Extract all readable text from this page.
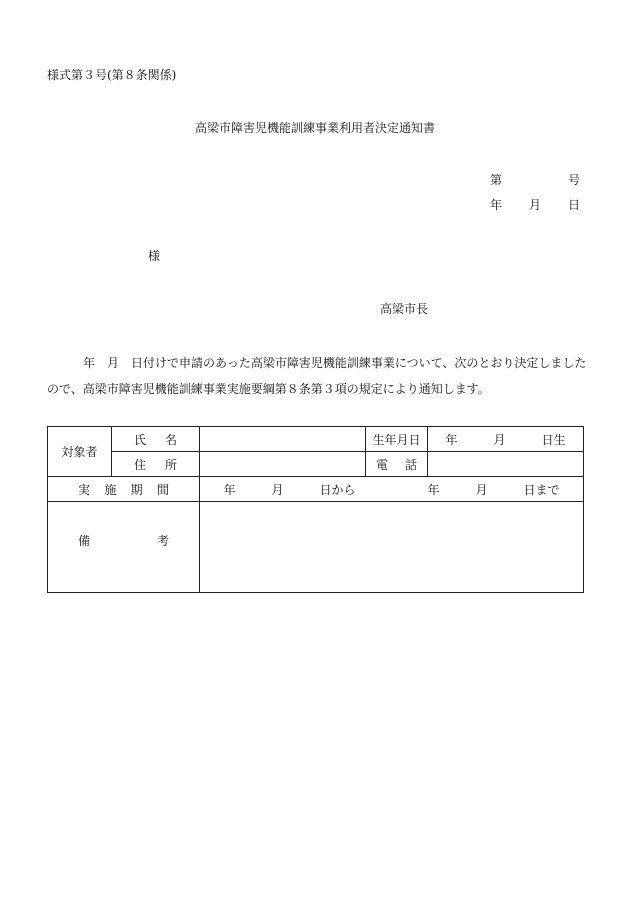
様式第３号(第８条関係)
高梁市障害児機能訓練事業利用者決定通知書
第	号
年 月 日
様
高梁市長
年　月　日付けで申請のあった高梁市障害児機能訓練事業について、次のとおり決定しましたので、高梁市障害児機能訓練事業実施要綱第８条第３項の規定により通知します。
対象者	氏 名		生年月日	年　　　月　　　日生

	住 所		電 話	

実 施 期 間		年　　　月　　　日から　　　　　　年　　　月　　　日まで		

備 考				
